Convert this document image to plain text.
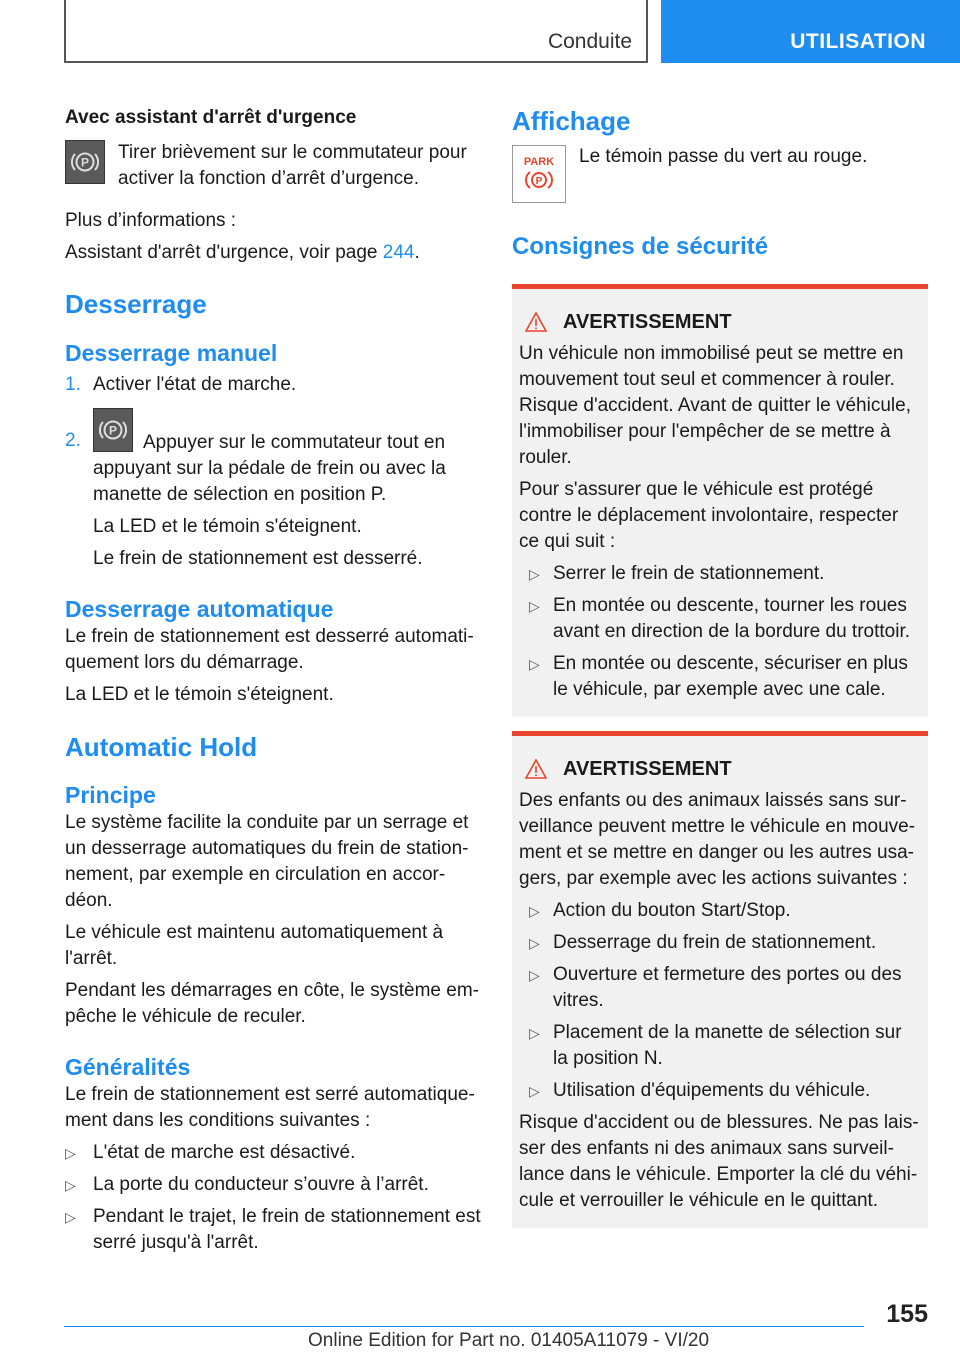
Conduite	UTILISATION
Avec assistant d'arrêt d'urgence
P Tirer brièvement sur le commutateur pour activer la fonction d’arrêt d’urgence.

Plus d’informations :

Assistant d'arrêt d'urgence, voir page 244.

Desserrage
Desserrage manuel
1. Activer l'état de marche.

2.	P

Appuyer sur le commutateur tout en appuyant sur la pédale de frein ou avec la manette de sélection en position P.

La LED et le témoin s'éteignent.

Le frein de stationnement est desserré.

Desserrage automatique

Le frein de stationnement est desserré automatiquement lors du démarrage.

La LED et le témoin s'éteignent.

Automatic Hold
Principe

Le système facilite la conduite par un serrage et un desserrage automatiques du frein de stationnement, par exemple en circulation en accordéon.

Le véhicule est maintenu automatiquement à l'arrêt.

Pendant les démarrages en côte, le système empêche le véhicule de reculer.

Généralités

Le frein de stationnement est serré automatiquement dans les conditions suivantes :

▷ L'état de marche est désactivé.

▷ La porte du conducteur s’ouvre à l’arrêt.

▷ Pendant le trajet, le frein de stationnement est serré jusqu'à l'arrêt.

Affichage
PARK
P

Le témoin passe du vert au rouge.

Consignes de sécurité
AVERTISSEMENT

Un véhicule non immobilisé peut se mettre en mouvement tout seul et commencer à rouler. Risque d'accident. Avant de quitter le véhicule, l'immobiliser pour l'empêcher de se mettre à rouler.

Pour s'assurer que le véhicule est protégé contre le déplacement involontaire, respecter ce qui suit :

▷ Serrer le frein de stationnement.

▷ En montée ou descente, tourner les roues avant en direction de la bordure du trottoir.

▷ En montée ou descente, sécuriser en plus le véhicule, par exemple avec une cale.

AVERTISSEMENT

Des enfants ou des animaux laissés sans surveillance peuvent mettre le véhicule en mouvement et se mettre en danger ou les autres usagers, par exemple avec les actions suivantes :

▷ Action du bouton Start/Stop.

▷ Desserrage du frein de stationnement.

▷ Ouverture et fermeture des portes ou des vitres.

▷ Placement de la manette de sélection sur la position N.

▷ Utilisation d'équipements du véhicule.

Risque d'accident ou de blessures. Ne pas laisser des enfants ni des animaux sans surveillance dans le véhicule. Emporter la clé du véhicule et verrouiller le véhicule en le quittant.

155
Online Edition for Part no. 01405A11079 - VI/20
